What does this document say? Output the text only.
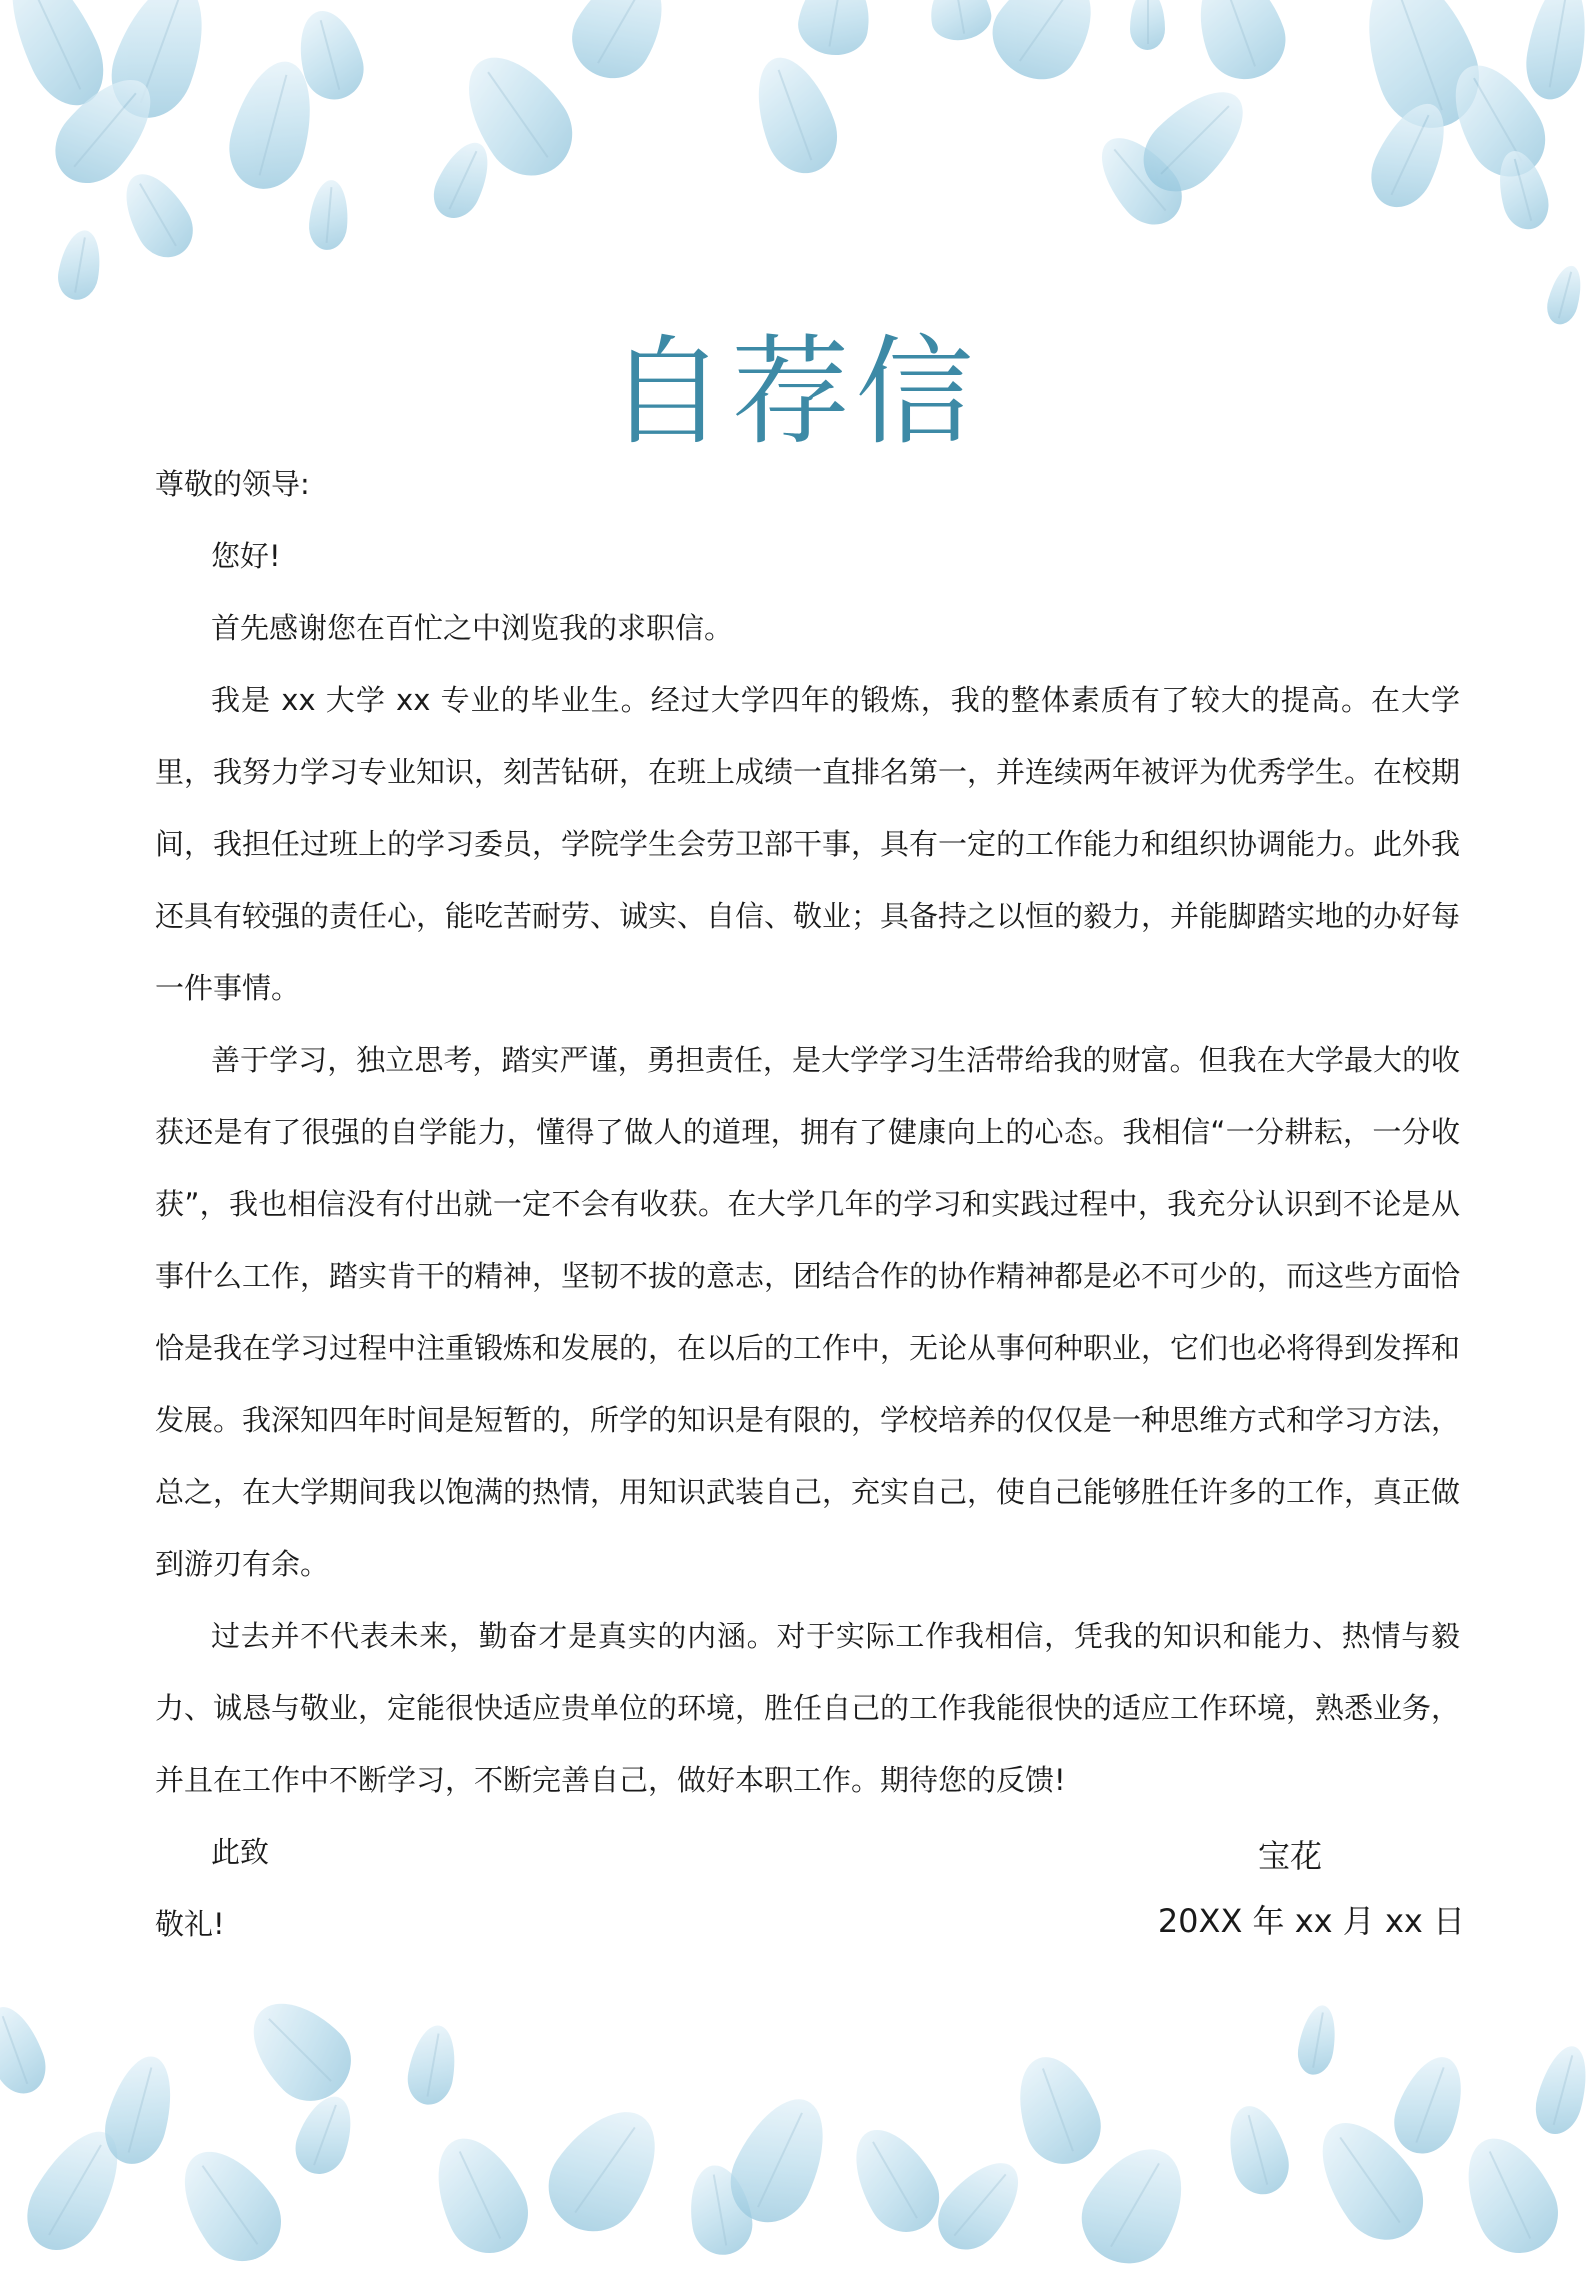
自荐信

尊敬的领导:

您好!

首先感谢您在百忙之中浏览我的求职信。

我是 xx 大学 xx 专业的毕业生。经过大学四年的锻炼，我的整体素质有了较大的提高。在大学里，我努力学习专业知识，刻苦钻研，在班上成绩一直排名第一，并连续两年被评为优秀学生。在校期间，我担任过班上的学习委员，学院学生会劳卫部干事，具有一定的工作能力和组织协调能力。此外我还具有较强的责任心，能吃苦耐劳、诚实、自信、敬业；具备持之以恒的毅力，并能脚踏实地的办好每一件事情。

善于学习，独立思考，踏实严谨，勇担责任，是大学学习生活带给我的财富。但我在大学最大的收获还是有了很强的自学能力，懂得了做人的道理，拥有了健康向上的心态。我相信“一分耕耘，一分收获”，我也相信没有付出就一定不会有收获。在大学几年的学习和实践过程中，我充分认识到不论是从事什么工作，踏实肯干的精神，坚韧不拔的意志，团结合作的协作精神都是必不可少的，而这些方面恰恰是我在学习过程中注重锻炼和发展的，在以后的工作中，无论从事何种职业，它们也必将得到发挥和发展。我深知四年时间是短暂的，所学的知识是有限的，学校培养的仅仅是一种思维方式和学习方法，总之，在大学期间我以饱满的热情，用知识武装自己，充实自己，使自己能够胜任许多的工作，真正做到游刃有余。

过去并不代表未来，勤奋才是真实的内涵。对于实际工作我相信，凭我的知识和能力、热情与毅力、诚恳与敬业，定能很快适应贵单位的环境，胜任自己的工作我能很快的适应工作环境，熟悉业务，并且在工作中不断学习，不断完善自己，做好本职工作。期待您的反馈!

此致

敬礼!

宝花

20XX 年 xx 月 xx 日
